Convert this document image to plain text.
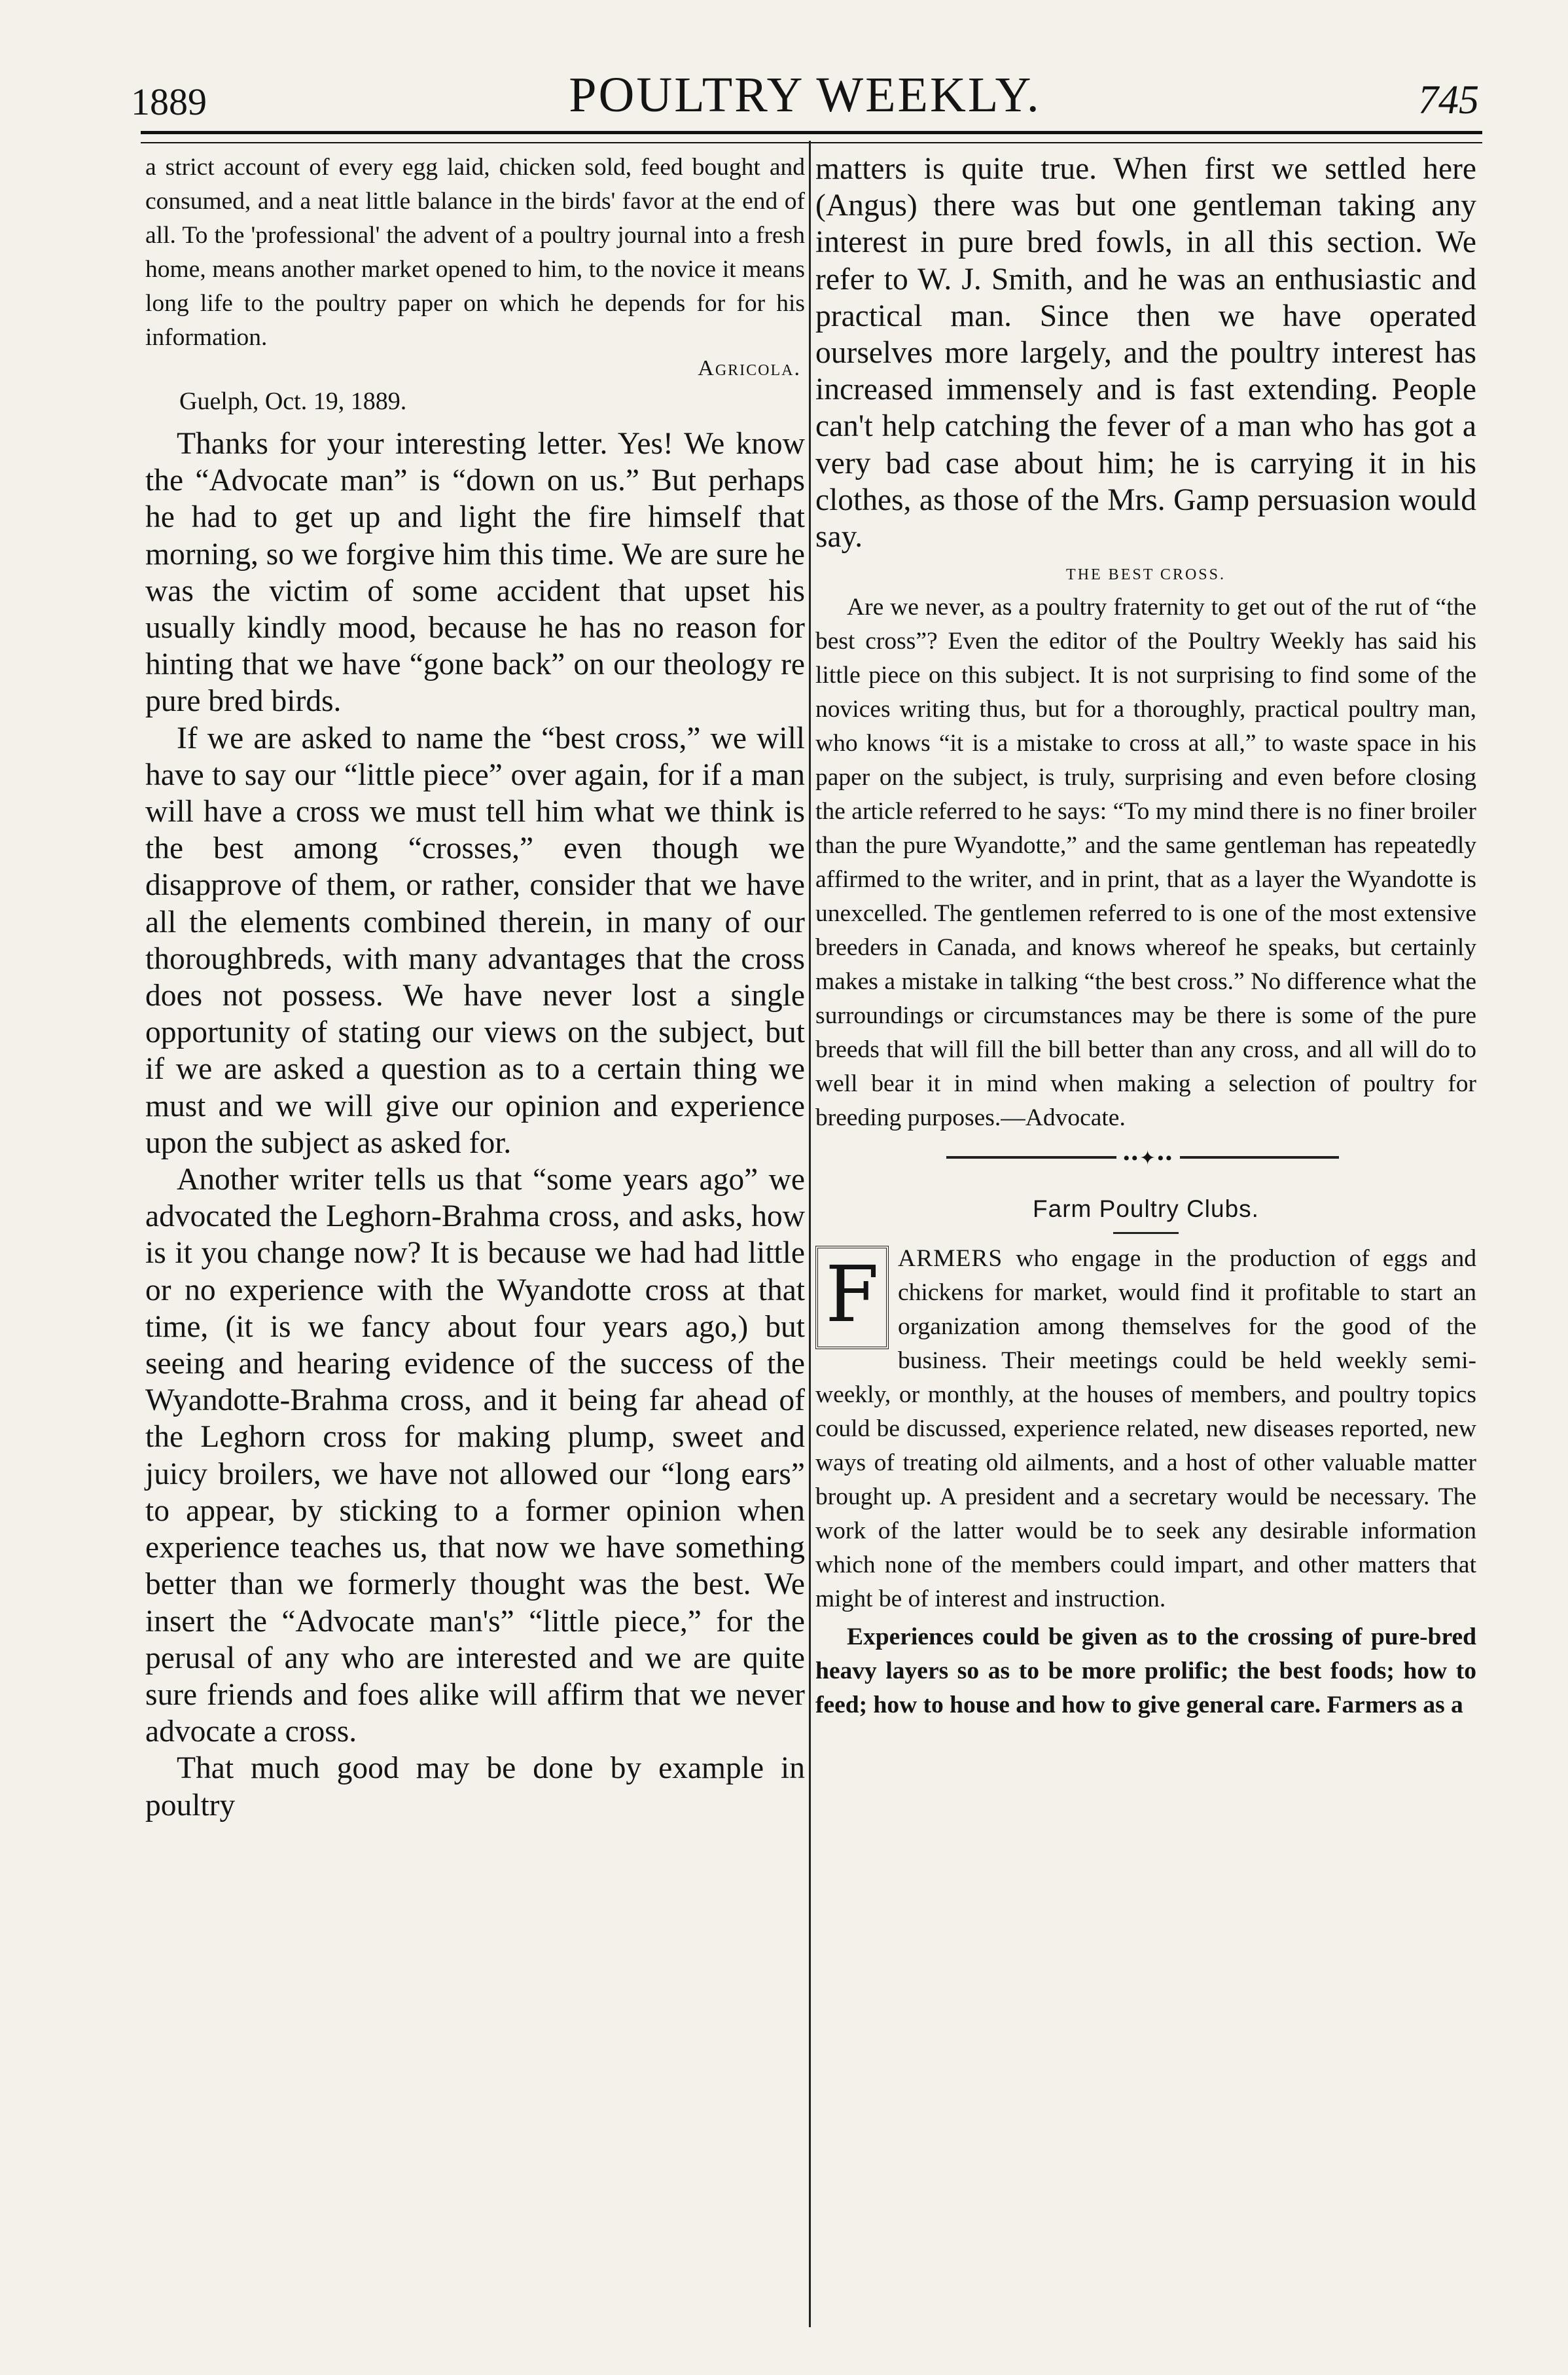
1889	POULTRY WEEKLY.	745

a strict account of every egg laid, chicken sold, feed bought and consumed, and a neat little balance in the birds' favor at the end of all. To the 'professional' the advent of a poultry journal into a fresh home, means another market opened to him, to the novice it means long life to the poultry paper on which he depends for for his information.

Agricola.
Guelph, Oct. 19, 1889.

Thanks for your interesting letter. Yes! We know the “Advocate man” is “down on us.” But perhaps he had to get up and light the fire himself that morning, so we forgive him this time. We are sure he was the victim of some accident that upset his usually kindly mood, because he has no reason for hinting that we have “gone back” on our theology re pure bred birds.

If we are asked to name the “best cross,” we will have to say our “little piece” over again, for if a man will have a cross we must tell him what we think is the best among “crosses,” even though we disapprove of them, or rather, consider that we have all the elements combined therein, in many of our thoroughbreds, with many advantages that the cross does not possess. We have never lost a single opportunity of stating our views on the subject, but if we are asked a question as to a certain thing we must and we will give our opinion and experience upon the subject as asked for.

Another writer tells us that “some years ago” we advocated the Leghorn-Brahma cross, and asks, how is it you change now? It is because we had had little or no experience with the Wyandotte cross at that time, (it is we fancy about four years ago,) but seeing and hearing evidence of the success of the Wyandotte-Brahma cross, and it being far ahead of the Leghorn cross for making plump, sweet and juicy broilers, we have not allowed our “long ears” to appear, by sticking to a former opinion when experience teaches us, that now we have something better than we formerly thought was the best. We insert the “Advocate man's” “little piece,” for the perusal of any who are interested and we are quite sure friends and foes alike will affirm that we never advocate a cross.

That much good may be done by example in poultry

matters is quite true. When first we settled here (Angus) there was but one gentleman taking any interest in pure bred fowls, in all this section. We refer to W. J. Smith, and he was an enthusiastic and practical man. Since then we have operated ourselves more largely, and the poultry interest has increased immensely and is fast extending. People can't help catching the fever of a man who has got a very bad case about him; he is carrying it in his clothes, as those of the Mrs. Gamp persuasion would say.

THE BEST CROSS.

Are we never, as a poultry fraternity to get out of the rut of “the best cross”? Even the editor of the Poultry Weekly has said his little piece on this subject. It is not surprising to find some of the novices writing thus, but for a thoroughly, practical poultry man, who knows “it is a mistake to cross at all,” to waste space in his paper on the subject, is truly, surprising and even before closing the article referred to he says: “To my mind there is no finer broiler than the pure Wyandotte,” and the same gentleman has repeatedly affirmed to the writer, and in print, that as a layer the Wyandotte is unexcelled. The gentlemen referred to is one of the most extensive breeders in Canada, and knows whereof he speaks, but certainly makes a mistake in talking “the best cross.” No difference what the surroundings or circumstances may be there is some of the pure breeds that will fill the bill better than any cross, and all will do to well bear it in mind when making a selection of poultry for breeding purposes.—Advocate.

••✦••
Farm Poultry Clubs.
F ARMERS who engage in the production of eggs and chickens for market, would find it profitable to start an organization among themselves for the good of the business. Their meetings could be held weekly semi-weekly, or monthly, at the houses of members, and poultry topics could be discussed, experience related, new diseases reported, new ways of treating old ailments, and a host of other valuable matter brought up. A president and a secretary would be necessary. The work of the latter would be to seek any desirable information which none of the members could impart, and other matters that might be of interest and instruction.

Experiences could be given as to the crossing of pure-bred heavy layers so as to be more prolific; the best foods; how to feed; how to house and how to give general care. Farmers as a
